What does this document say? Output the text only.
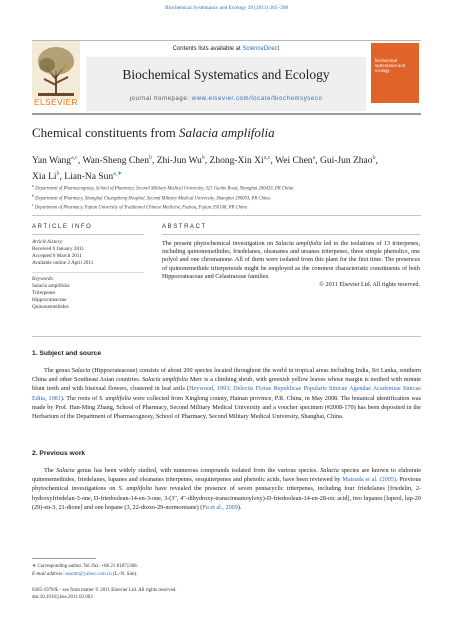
Biochemical Systematics and Ecology 39 (2011) 205–208
ELSEVIER
Contents lists available at ScienceDirect
Biochemical Systematics and Ecology
journal homepage: www.elsevier.com/locate/biochemsyseco
biochemical systematics and ecology
Chemical constituents from Salacia amplifolia
Yan Wang$^{a,c}$, Wan-Sheng Chen$^b$, Zhi-Jun Wu$^b$, Zhong-Xin Xi$^{a,c}$, Wei Chen$^a$, Gui-Jun Zhao$^b$,
Xia Li$^b$, Lian-Na Sun$^{a,∗}$
$^a$ Department of Pharmacognosy, School of Pharmacy, Second Military Medical University, 325 Guohe Road, Shanghai 200433, PR China
$^b$ Department of Pharmacy, Shanghai Changzheng Hospital, Second Military Medical University, Shanghai 200003, PR China
$^c$ Department of Pharmacy, Fujian University of Traditional Chinese Medicine, Fuzhou, Fujian 350108, PR China
ARTICLE INFO
Article history:
Received 6 January 2011
Accepted 6 March 2011
Available online 2 April 2011
Keywords:
Salacia amplifolia
Triterpenes
Hippocrateaceae
Quinonemethides
ABSTRACT
The present phytochemical investigation on Salacia amplifolia led to the isolations of 13 triterpenes, including quinonemethides, friedelanes, oleananes and ursanes triterpenes, three simple phenolics, one polyol and one chromanone. All of them were isolated from this plant for the first time. The presences of quinonemethide triterpenoids might be employed as the common characteristic constituents of both Hippocrateaceae and Celastraceae families.
© 2011 Elsevier Ltd. All rights reserved.
1. Subject and source
The genus Salacia (Hippocrateaceae) consists of about 200 species located throughout the world in tropical areas including India, Sri Lanka, southern China and other Southeast Asian countries. Salacia amplifolia Merr is a climbing shrub, with greenish yellow leaves whose margin is toothed with minute blunt teeth and with bisexual flowers, clustered in leaf axils (Heywood, 1993; Delectis Florae Republicae Popularis Sinicae Agendae Academiae Sinicae Edita, 1981). The roots of S. amplifolia were collected from Xinglong county, Hainan province, P.R. China, in May 2008. The botanical identification was made by Prof. Han-Ming Zhang, School of Pharmacy, Second Military Medical University and a voucher specimen (#2008-170) has been deposited in the Herbarium of the Department of Pharmacognosy, School of Pharmacy, Second Military Medical University, Shanghai, China.
2. Previous work
The Salacia genus has been widely studied, with numerous compounds isolated from the various species. Salacia species are known to elaborate quinonemethides, friedelanes, lupanes and oleananes triterpenes, sesquiterpenes and phenolic acids, have been reviewed by Matsuda et al. (2005). Previous phytochemical investigations on S. amplifolia have revealed the presence of seven pentacyclic triterpenes, including four friedelanes [friedelin, 2-hydroxyfriedelan-3-one, D-friedoolean-14-en-3-one, 3-(3″, 4″-dihydroxy-transcinnamoyloxy)-D-friedoolean-14-en-28-oic acid], two lupanes [lupeol, lup-20 (29)-en-3, 21-dione] and one hopane (3, 22-dioxo-29-normoretane) (Pu et al., 2009).
∗ Corresponding author. Tel./fax: +86 21 81871308.
E-mail address: sssnmr@yahoo.com.cn (L.-N. Sun).
0305-1978/$ – see front matter © 2011 Elsevier Ltd. All rights reserved.
doi:10.1016/j.bse.2011.03.003
